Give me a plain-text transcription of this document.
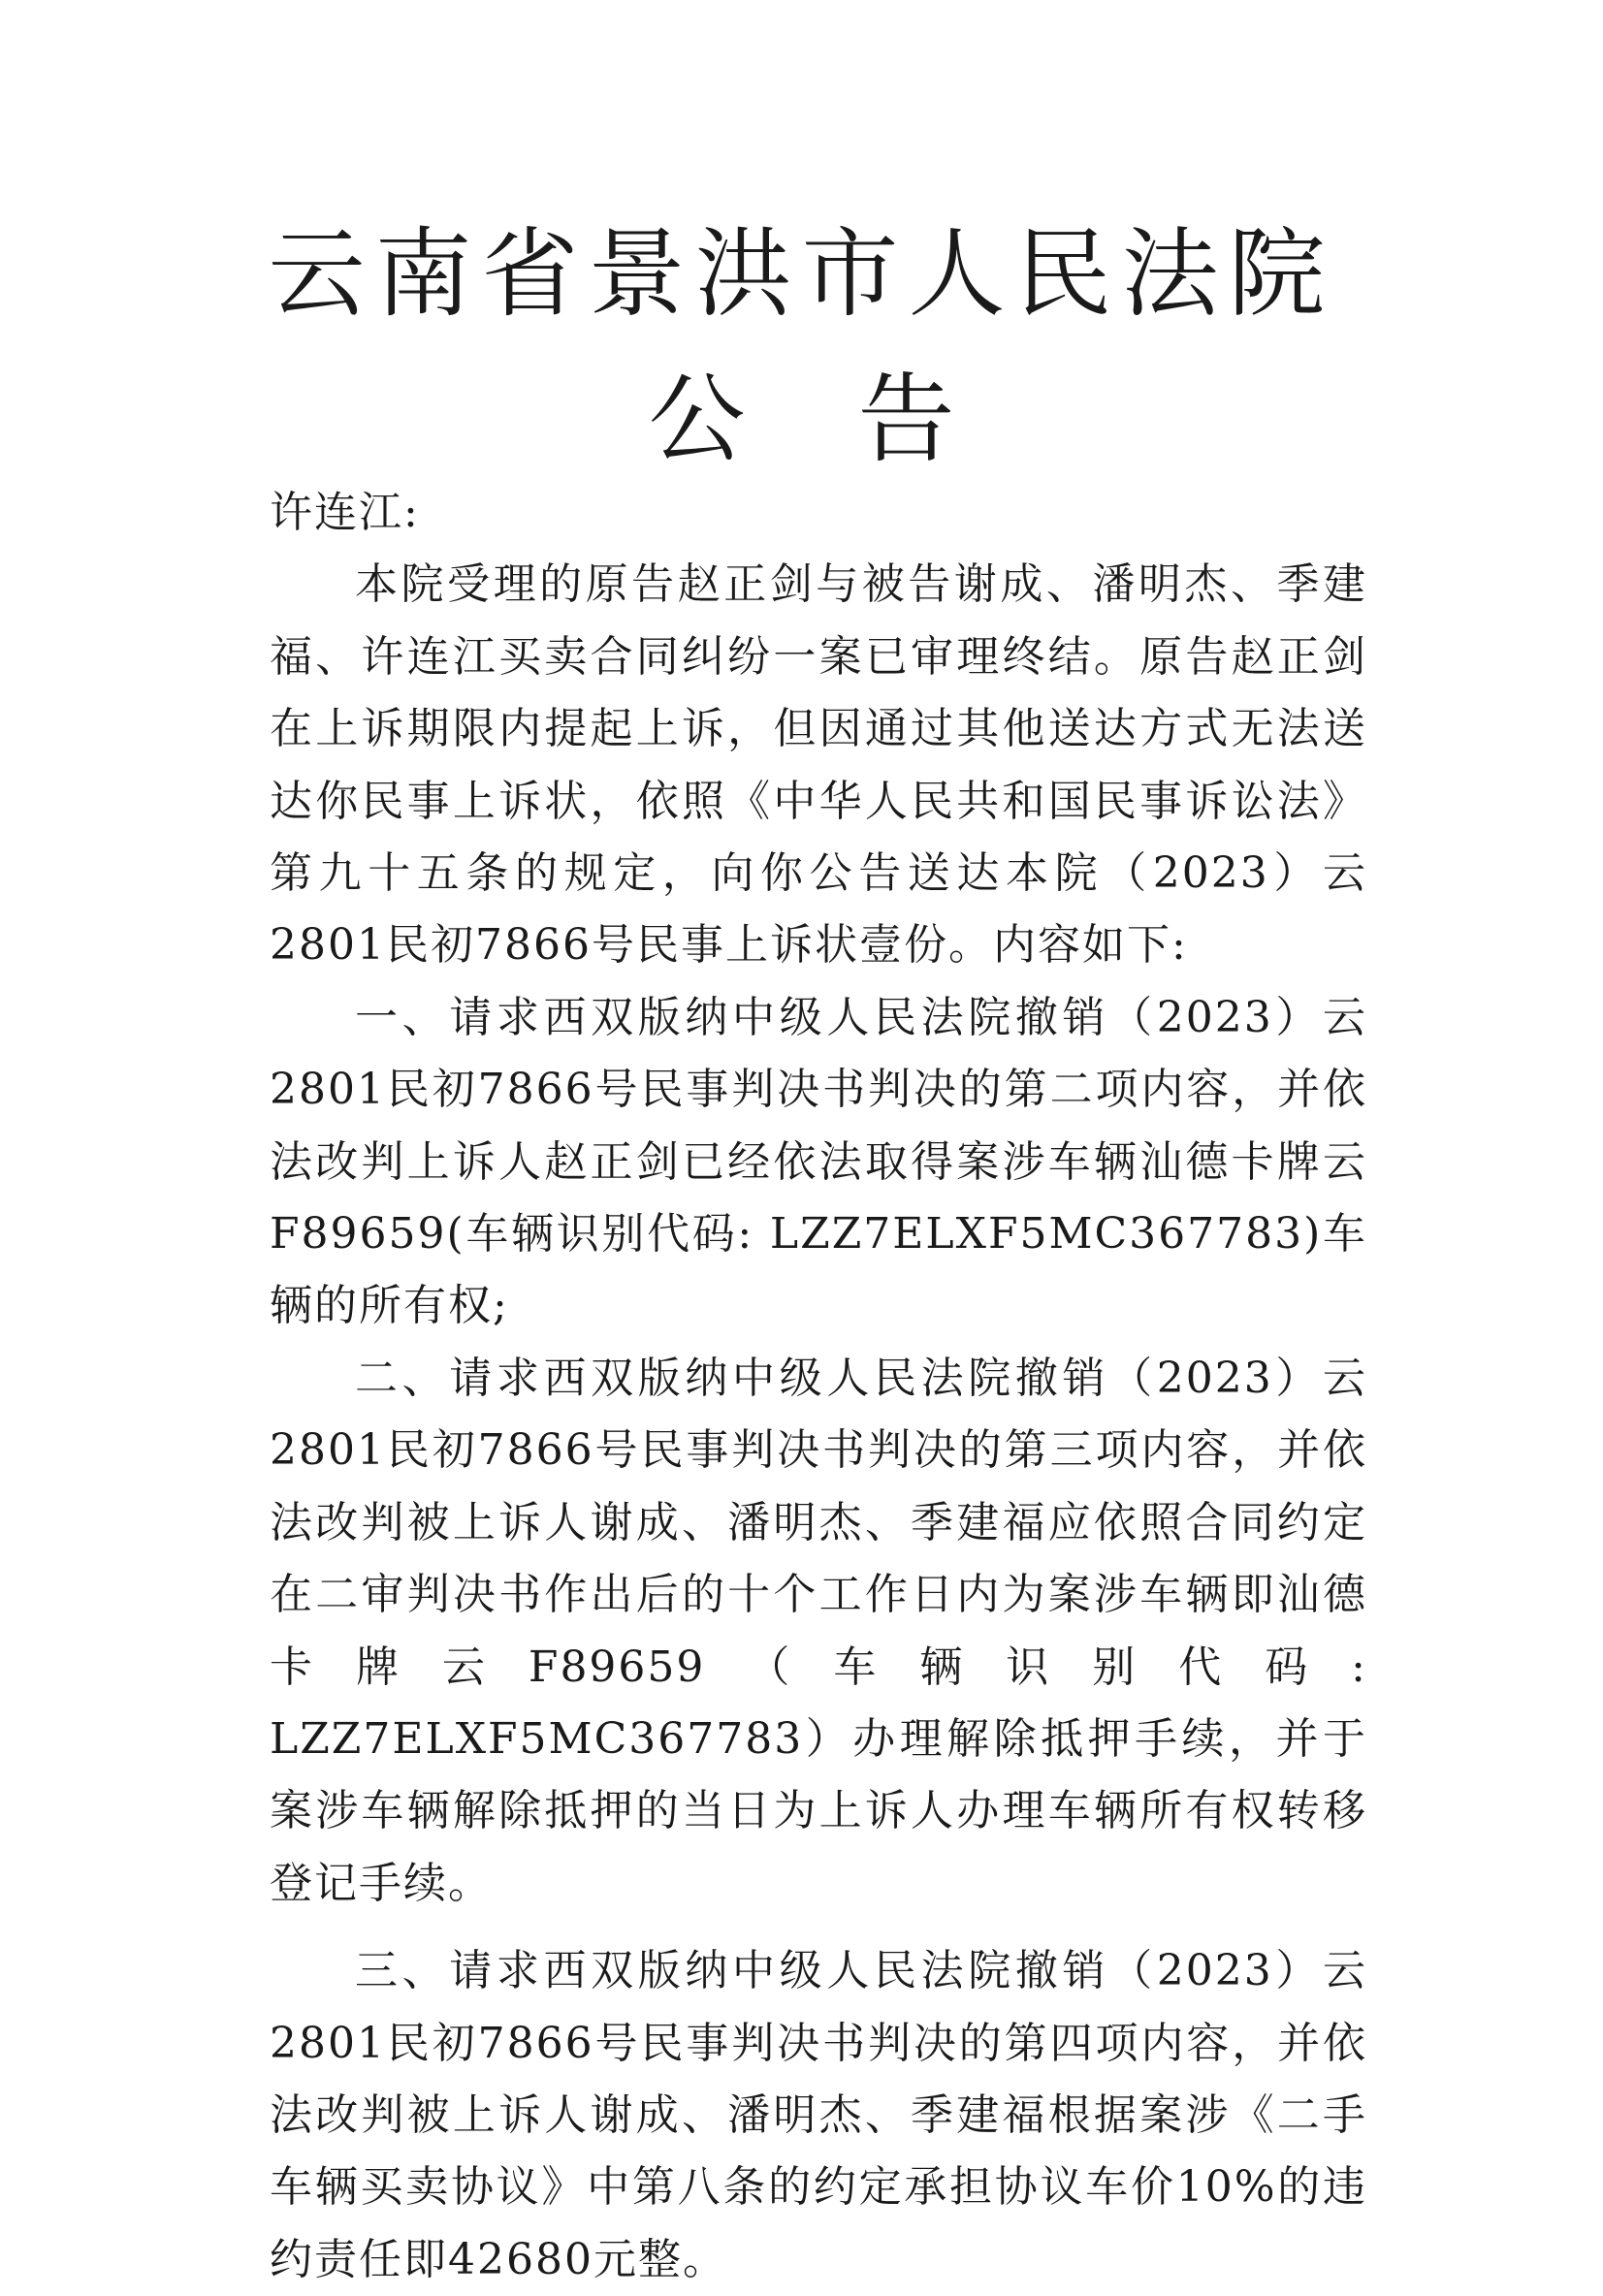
云南省景洪市人民法院
公 告

许连江:

本院受理的原告赵正剑与被告谢成、潘明杰、季建福、许连江买卖合同纠纷一案已审理终结。原告赵正剑在上诉期限内提起上诉，但因通过其他送达方式无法送达你民事上诉状，依照《中华人民共和国民事诉讼法》第九十五条的规定，向你公告送达本院（2023）云2801民初7866号民事上诉状壹份。内容如下:

一、请求西双版纳中级人民法院撤销（2023）云2801民初7866号民事判决书判决的第二项内容，并依法改判上诉人赵正剑已经依法取得案涉车辆汕德卡牌云F89659(车辆识别代码: LZZ7ELXF5MC367783)车辆的所有权;

二、请求西双版纳中级人民法院撤销（2023）云2801民初7866号民事判决书判决的第三项内容，并依法改判被上诉人谢成、潘明杰、季建福应依照合同约定在二审判决书作出后的十个工作日内为案涉车辆即汕德卡牌云F89659（车辆识别代码: LZZ7ELXF5MC367783）办理解除抵押手续，并于案涉车辆解除抵押的当日为上诉人办理车辆所有权转移登记手续。

三、请求西双版纳中级人民法院撤销（2023）云2801民初7866号民事判决书判决的第四项内容，并依法改判被上诉人谢成、潘明杰、季建福根据案涉《二手车辆买卖协议》中第八条的约定承担协议车价10%的违约责任即42680元整。
